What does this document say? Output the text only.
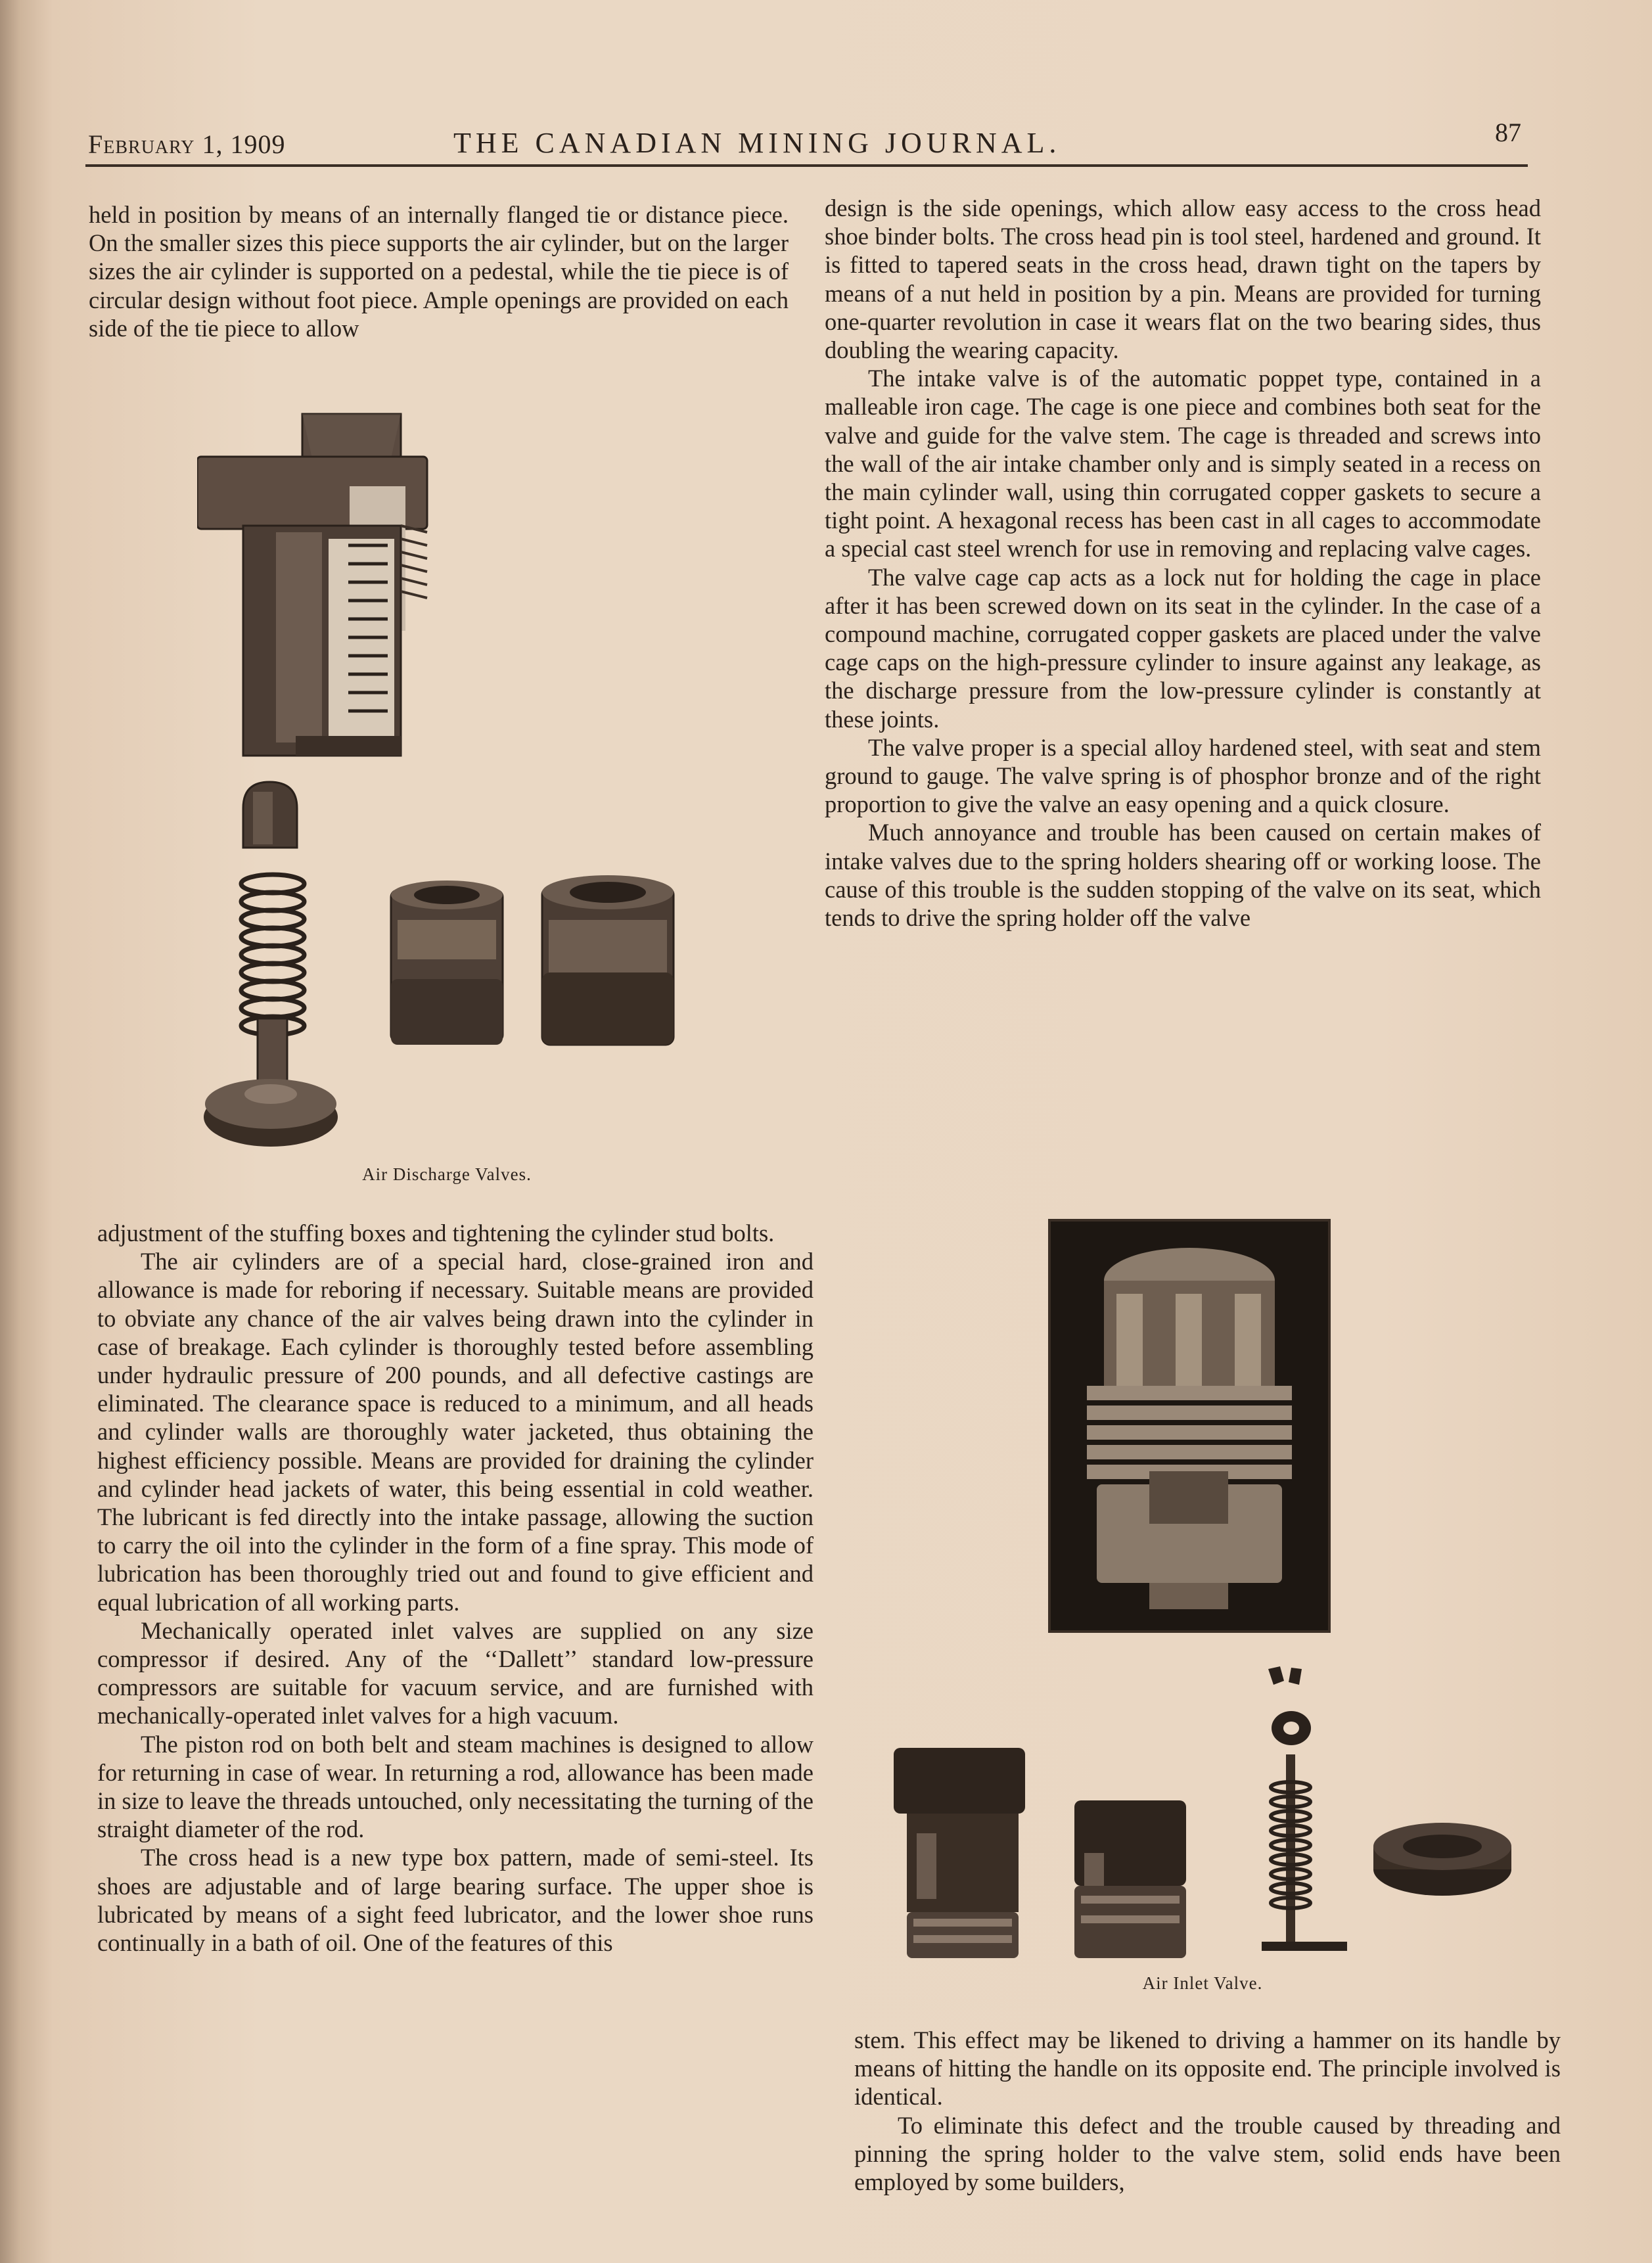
February 1, 1909	THE CANADIAN MINING JOURNAL.	87

held in position by means of an internally flanged tie or distance piece. On the smaller sizes this piece supports the air cylinder, but on the larger sizes the air cylinder is supported on a pedestal, while the tie piece is of circular design without foot piece. Ample openings are provided on each side of the tie piece to allow

Air Discharge Valves.

adjustment of the stuffing boxes and tightening the cylinder stud bolts.

The air cylinders are of a special hard, close-grained iron and allowance is made for reboring if necessary. Suitable means are provided to obviate any chance of the air valves being drawn into the cylinder in case of breakage. Each cylinder is thoroughly tested before assembling under hydraulic pressure of 200 pounds, and all defective castings are eliminated. The clearance space is reduced to a minimum, and all heads and cylinder walls are thoroughly water jacketed, thus obtaining the highest efficiency possible. Means are provided for draining the cylinder and cylinder head jackets of water, this being essential in cold weather. The lubricant is fed directly into the intake passage, allowing the suction to carry the oil into the cylinder in the form of a fine spray. This mode of lubrication has been thoroughly tried out and found to give efficient and equal lubrication of all working parts.

Mechanically operated inlet valves are supplied on any size compressor if desired. Any of the ‘‘Dallett’’ standard low-pressure compressors are suitable for vacuum service, and are furnished with mechanically-operated inlet valves for a high vacuum.

The piston rod on both belt and steam machines is designed to allow for returning in case of wear. In returning a rod, allowance has been made in size to leave the threads untouched, only necessitating the turning of the straight diameter of the rod.

The cross head is a new type box pattern, made of semi-steel. Its shoes are adjustable and of large bearing surface. The upper shoe is lubricated by means of a sight feed lubricator, and the lower shoe runs continually in a bath of oil. One of the features of this

design is the side openings, which allow easy access to the cross head shoe binder bolts. The cross head pin is tool steel, hardened and ground. It is fitted to tapered seats in the cross head, drawn tight on the tapers by means of a nut held in position by a pin. Means are provided for turning one-quarter revolution in case it wears flat on the two bearing sides, thus doubling the wearing capacity.

The intake valve is of the automatic poppet type, contained in a malleable iron cage. The cage is one piece and combines both seat for the valve and guide for the valve stem. The cage is threaded and screws into the wall of the air intake chamber only and is simply seated in a recess on the main cylinder wall, using thin corrugated copper gaskets to secure a tight point. A hexagonal recess has been cast in all cages to accommodate a special cast steel wrench for use in removing and replacing valve cages.

The valve cage cap acts as a lock nut for holding the cage in place after it has been screwed down on its seat in the cylinder. In the case of a compound machine, corrugated copper gaskets are placed under the valve cage caps on the high-pressure cylinder to insure against any leakage, as the discharge pressure from the low-pressure cylinder is constantly at these joints.

The valve proper is a special alloy hardened steel, with seat and stem ground to gauge. The valve spring is of phosphor bronze and of the right proportion to give the valve an easy opening and a quick closure.

Much annoyance and trouble has been caused on certain makes of intake valves due to the spring holders shearing off or working loose. The cause of this trouble is the sudden stopping of the valve on its seat, which tends to drive the spring holder off the valve

Air Inlet Valve.

stem. This effect may be likened to driving a hammer on its handle by means of hitting the handle on its opposite end. The principle involved is identical.

To eliminate this defect and the trouble caused by threading and pinning the spring holder to the valve stem, solid ends have been employed by some builders,
